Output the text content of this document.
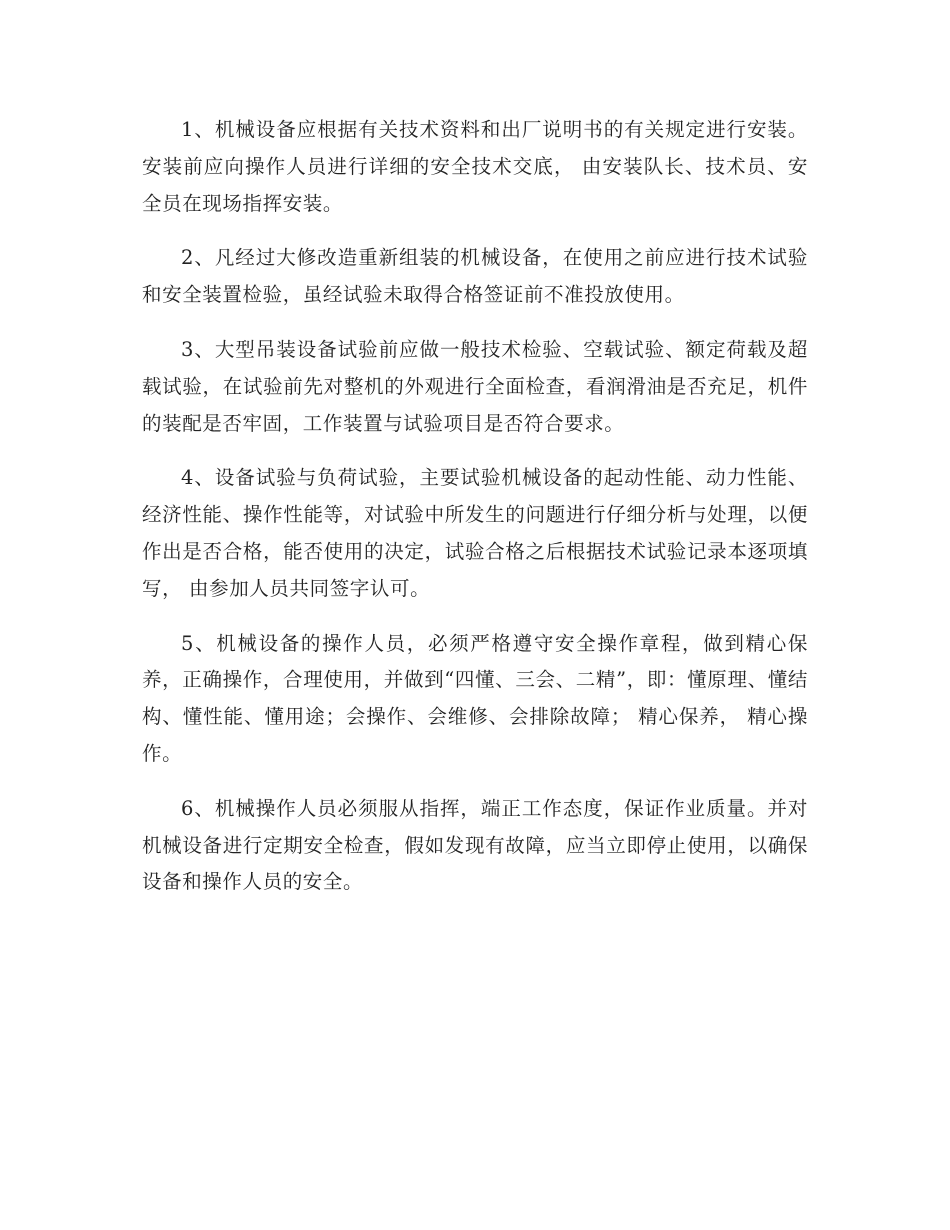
1、机械设备应根据有关技术资料和出厂说明书的有关规定进行安装。安装前应向操作人员进行详细的安全技术交底， 由安装队长、技术员、安全员在现场指挥安装。

2、凡经过大修改造重新组装的机械设备，在使用之前应进行技术试验和安全装置检验，虽经试验未取得合格签证前不准投放使用。

3、大型吊装设备试验前应做一般技术检验、空载试验、额定荷载及超载试验，在试验前先对整机的外观进行全面检查，看润滑油是否充足，机件的装配是否牢固，工作装置与试验项目是否符合要求。

4、设备试验与负荷试验，主要试验机械设备的起动性能、动力性能、经济性能、操作性能等，对试验中所发生的问题进行仔细分析与处理，以便作出是否合格，能否使用的决定，试验合格之后根据技术试验记录本逐项填写， 由参加人员共同签字认可。

5、机械设备的操作人员，必须严格遵守安全操作章程，做到精心保养，正确操作，合理使用，并做到“四懂、三会、二精”，即：懂原理、懂结构、懂性能、懂用途；会操作、会维修、会排除故障； 精心保养， 精心操作。

6、机械操作人员必须服从指挥，端正工作态度，保证作业质量。并对机械设备进行定期安全检查，假如发现有故障，应当立即停止使用，以确保设备和操作人员的安全。
